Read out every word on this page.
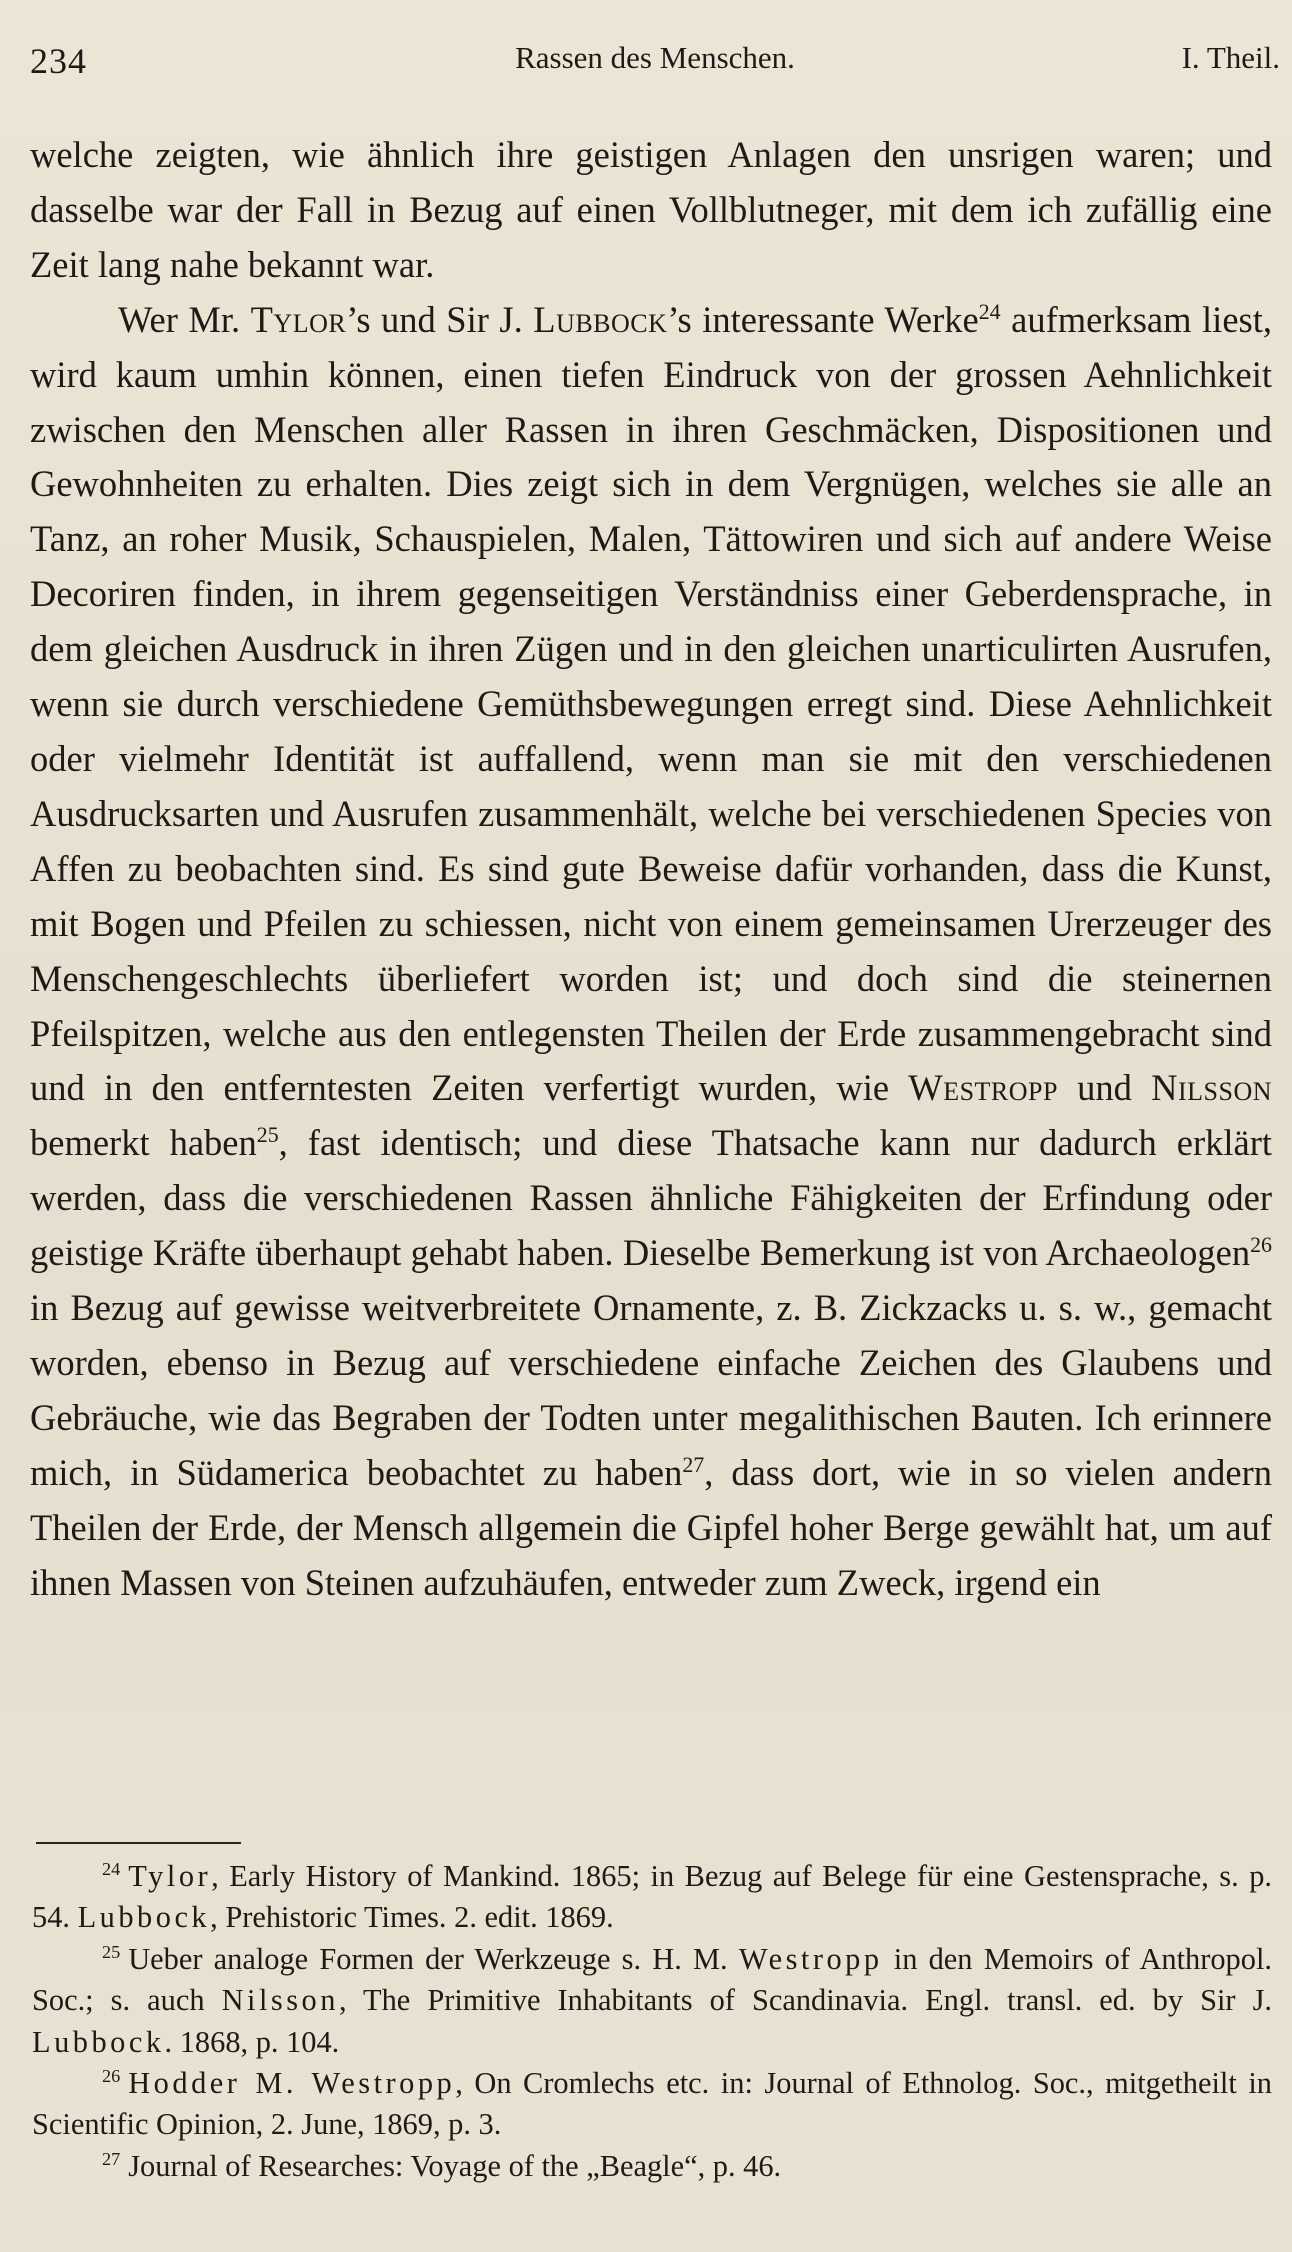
234	Rassen des Menschen.	I. Theil.

welche zeigten, wie ähnlich ihre geistigen Anlagen den unsrigen waren; und dasselbe war der Fall in Bezug auf einen Vollblutneger, mit dem ich zufällig eine Zeit lang nahe bekannt war.

Wer Mr. Tylor’s und Sir J. Lubbock’s interessante Werke$^{24}$ aufmerksam liest, wird kaum umhin können, einen tiefen Eindruck von der grossen Aehnlichkeit zwischen den Menschen aller Rassen in ihren Geschmäcken, Dispositionen und Gewohnheiten zu erhalten. Dies zeigt sich in dem Vergnügen, welches sie alle an Tanz, an roher Musik, Schauspielen, Malen, Tättowiren und sich auf andere Weise Decoriren finden, in ihrem gegenseitigen Verständniss einer Geberdensprache, in dem gleichen Ausdruck in ihren Zügen und in den gleichen unarticulirten Ausrufen, wenn sie durch verschiedene Gemüthsbewegungen erregt sind. Diese Aehnlichkeit oder vielmehr Identität ist auffallend, wenn man sie mit den verschiedenen Ausdrucksarten und Ausrufen zusammenhält, welche bei verschiedenen Species von Affen zu beobachten sind. Es sind gute Beweise dafür vorhanden, dass die Kunst, mit Bogen und Pfeilen zu schiessen, nicht von einem gemeinsamen Urerzeuger des Menschengeschlechts überliefert worden ist; und doch sind die steinernen Pfeilspitzen, welche aus den entlegensten Theilen der Erde zusammengebracht sind und in den entferntesten Zeiten verfertigt wurden, wie Westropp und Nilsson bemerkt haben$^{25}$, fast identisch; und diese Thatsache kann nur dadurch erklärt werden, dass die verschiedenen Rassen ähnliche Fähigkeiten der Erfindung oder geistige Kräfte überhaupt gehabt haben. Dieselbe Bemerkung ist von Archaeologen$^{26}$ in Bezug auf gewisse weitverbreitete Ornamente, z. B. Zickzacks u. s. w., gemacht worden, ebenso in Bezug auf verschiedene einfache Zeichen des Glaubens und Gebräuche, wie das Begraben der Todten unter megalithischen Bauten. Ich erinnere mich, in Südamerica beobachtet zu haben$^{27}$, dass dort, wie in so vielen andern Theilen der Erde, der Mensch allgemein die Gipfel hoher Berge gewählt hat, um auf ihnen Massen von Steinen aufzuhäufen, entweder zum Zweck, irgend ein

$^{24}$ Tylor, Early History of Mankind. 1865; in Bezug auf Belege für eine Gestensprache, s. p. 54. Lubbock, Prehistoric Times. 2. edit. 1869.

$^{25}$ Ueber analoge Formen der Werkzeuge s. H. M. Westropp in den Memoirs of Anthropol. Soc.; s. auch Nilsson, The Primitive Inhabitants of Scandinavia. Engl. transl. ed. by Sir J. Lubbock. 1868, p. 104.

$^{26}$ Hodder M. Westropp, On Cromlechs etc. in: Journal of Ethnolog. Soc., mitgetheilt in Scientific Opinion, 2. June, 1869, p. 3.

$^{27}$ Journal of Researches: Voyage of the „Beagle“, p. 46.
